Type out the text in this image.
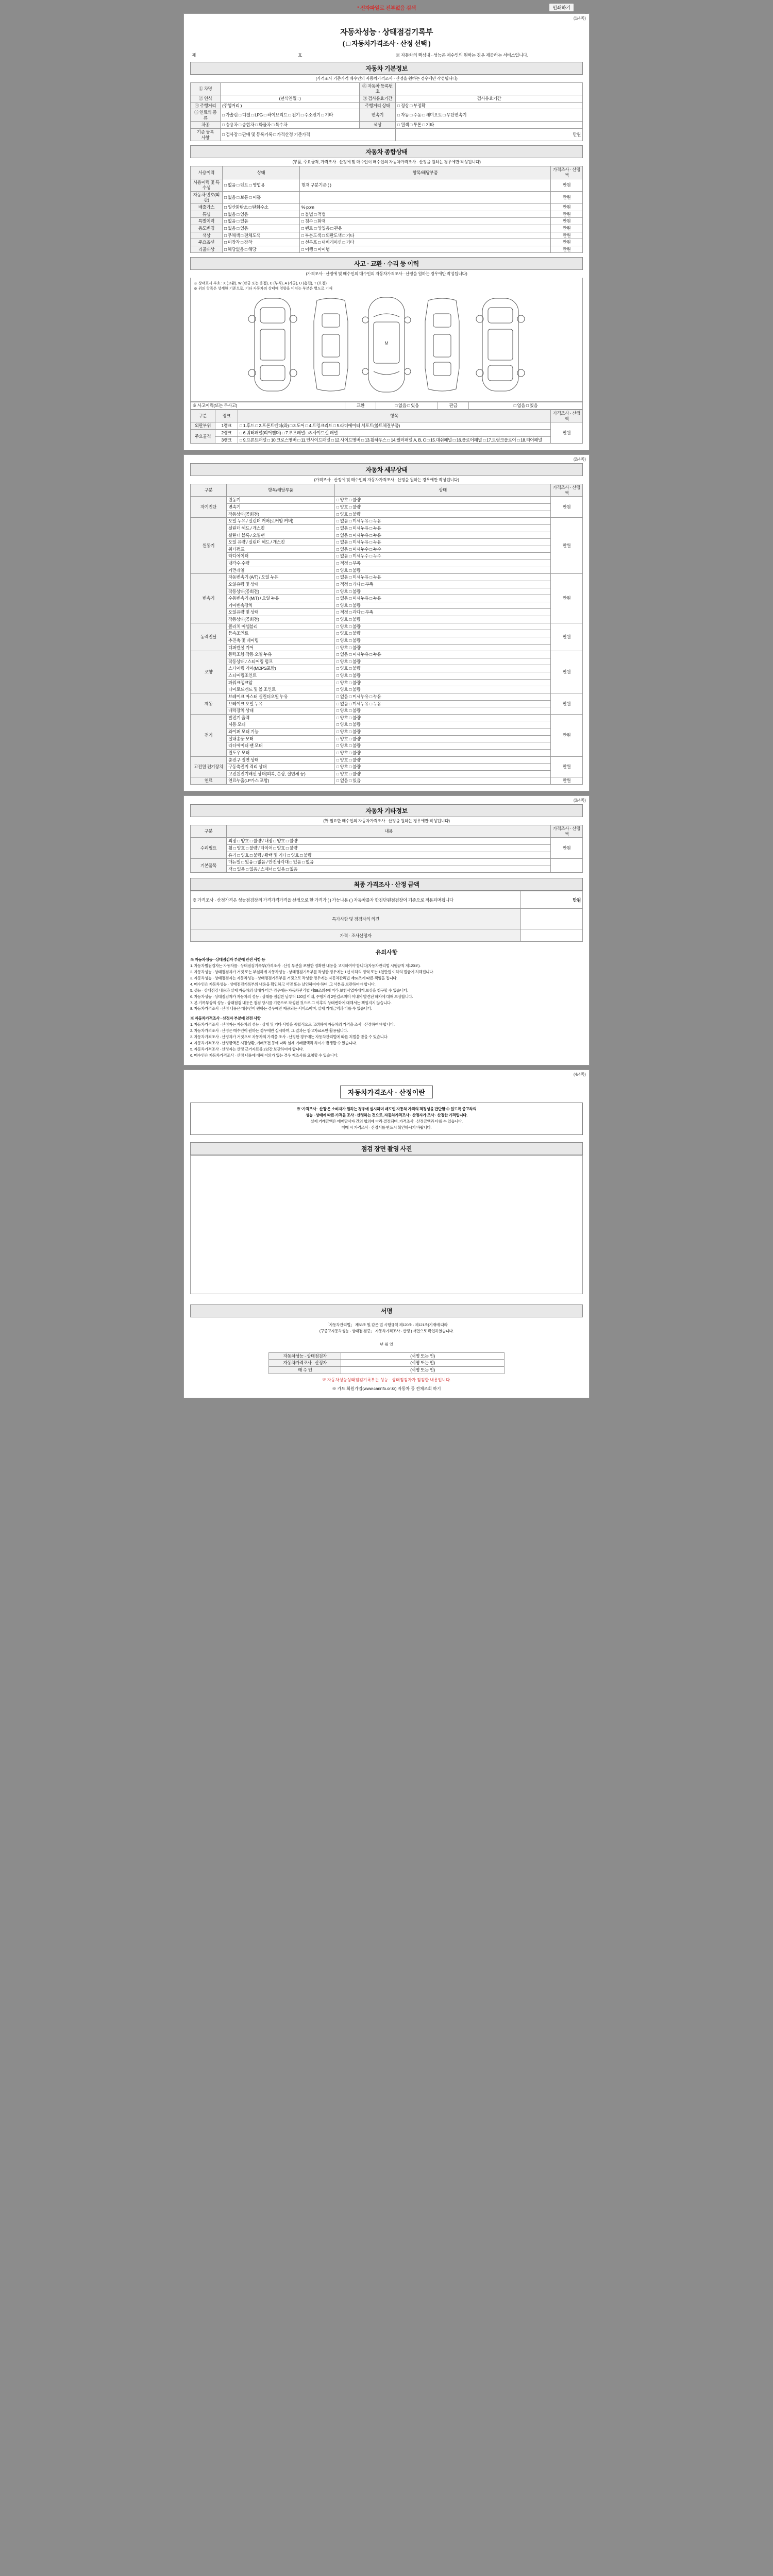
* 전자파일로 전부없음 검색	인쇄하기
(1/4쪽)
자동차성능 · 상태점검기록부
( □ 자동차가격조사 · 산정 선택 )
제	호	※ 자동차의 핵심내 · 성능은 매수인의 원하는 경우 제공하는 서비스입니다.
자동차 기본정보
(가격조사 기준가격 매수인의 자동차가격조사 · 산정을 원하는 경우에만 작성됩니다)
① 차명		⑥ 자동차 등록번호	
② 연식	(년식연월 : )	③ 검사유효기간	검사유효기간
④ 주행거리	(주행거리 )	주행거리 상태	□ 정상 □ 부정확
⑤ 연료의 종류	□ 가솔린 □ 디젤 □ LPG □ 하이브리드 □ 전기 □ 수소전기 □ 기타	변속기	□ 자동 □ 수동 □ 세미오토 □ 무단변속기
차종	□ 승용차 □ 승합차 □ 화물차 □ 특수차	색상	□ 원색 □ 투톤 □ 기타
기준 등록
사항	□ 검사장 □ 판매 및 등록기록 □ 가격산정 기준가격		만원
자동차 종합상태
(부품, 주요골격, 가격조사 · 산정에 및 매수인이 매수인의 자동차가격조사 · 산정을 원하는 경우에만 작성됩니다)
사용이력	상태	항목/해당부품	가격조사 · 산정액
사용이력 및 특수성	□ 없음 □ 렌트 □ 영업용	현재 구분기준 ( )	만원
자동차 번호(외관)	□ 없음 □ 보통 □ 미흡		만원
배출가스	□ 일산화탄소 □ 탄화수소	% ppm	만원
튜닝	□ 없음 □ 있음	□ 불법 □ 적법	만원
특별이력	□ 없음 □ 있음	□ 침수 □ 화재	만원
용도변경	□ 없음 □ 있음	□ 렌트 □ 영업용 □ 관용	만원
색상	□ 무채색 □ 전체도색	□ 부분도색 □ 외판도색 □ 기타	만원
주요옵션	□ 미장착 □ 장착	□ 선루프 □ 내비게이션 □ 기타	만원
리콜대상	□ 해당없음 □ 해당	□ 이행 □ 미이행	만원
사고 · 교환 · 수리 등 이력
(가격조사 · 산정에 및 매수인의 매수인의 자동차가격조사 · 산정을 원하는 경우에만 작성됩니다)
※ 상태표시 부호 : X (교환), W (판금 또는 용접), C (부식), A (가공), U (흠집), T (요철)
※ 위의 항목은 상세한 기준으로, 기타 자동차의 상태에 영향을 미치는 부분은 별도로 기재
M
※ 사고이력(또는 무사고)	교환	□ 없음 □ 있음	판금	□ 없음 □ 있음
구분	랭크	항목	가격조사 · 산정액
외판부위	1랭크	□ 1.후드 □ 2.프론트펜더(좌) □ 3.도어 □ 4.트렁크리드 □ 5.라디에이터 서포트(볼트체결부품)	만원
주요골격	2랭크	□ 6.쿼터패널(리어펜더) □ 7.루프패널 □ 8.사이드실 패널	
	3랭크	□ 9.프론트패널 □ 10.크로스멤버 □ 11.인사이드패널 □ 12.사이드멤버 □ 13.휠하우스 □ 14.필러패널 A, B, C □ 15.대쉬패널 □ 16.플로어패널 □ 17.트렁크플로어 □ 18.리어패널	
(2/4쪽)
자동차 세부상태
(가격조사 · 산정에 및 매수인의 자동차가격조사 · 산정을 원하는 경우에만 작성됩니다)
구분	항목/해당부품	상태	가격조사 · 산정액
자기진단	원동기	□ 양호 □ 불량	만원
	변속기	□ 양호 □ 불량	
	작동상태(공회전)	□ 양호 □ 불량	
원동기	오일 누유 / 실린더 커버(로커암 커버)	□ 없음 □ 미세누유 □ 누유	만원
	실린더 헤드 / 개스킷	□ 없음 □ 미세누유 □ 누유	
	실린더 블록 / 오일팬	□ 없음 □ 미세누유 □ 누유	
	오일 유량 / 실린더 헤드 / 개스킷	□ 없음 □ 미세누유 □ 누유	
	워터펌프	□ 없음 □ 미세누수 □ 누수	
	라디에이터	□ 없음 □ 미세누수 □ 누수	
	냉각수 수량	□ 적정 □ 부족	
	커먼레일	□ 양호 □ 불량	
변속기	자동변속기 (A/T) / 오일 누유	□ 없음 □ 미세누유 □ 누유	만원
	오일유량 및 상태	□ 적정 □ 과다 □ 부족	
	작동상태(공회전)	□ 양호 □ 불량	
	수동변속기 (M/T) / 오일 누유	□ 없음 □ 미세누유 □ 누유	
	기어변속장치	□ 양호 □ 불량	
	오일유량 및 상태	□ 적정 □ 과다 □ 부족	
	작동상태(공회전)	□ 양호 □ 불량	
동력전달	클러치 어셈블리	□ 양호 □ 불량	만원
	등속조인트	□ 양호 □ 불량	
	추진축 및 베어링	□ 양호 □ 불량	
	디퍼렌셜 기어	□ 양호 □ 불량	
조향	동력조향 작동 오일 누유	□ 없음 □ 미세누유 □ 누유	만원
	작동상태 / 스티어링 펌프	□ 양호 □ 불량	
	스티어링 기어(MDPS포함)	□ 양호 □ 불량	
	스티어링조인트	□ 양호 □ 불량	
	파워크랭크암	□ 양호 □ 불량	
	타이로드엔드 및 볼 조인트	□ 양호 □ 불량	
제동	브레이크 마스터 실린더오일 누유	□ 없음 □ 미세누유 □ 누유	만원
	브레이크 오일 누유	□ 없음 □ 미세누유 □ 누유	
	배력장치 상태	□ 양호 □ 불량	
전기	발전기 출력	□ 양호 □ 불량	만원
	시동 모터	□ 양호 □ 불량	
	와이퍼 모터 기능	□ 양호 □ 불량	
	실내송풍 모터	□ 양호 □ 불량	
	라디에이터 팬 모터	□ 양호 □ 불량	
	윈도우 모터	□ 양호 □ 불량	
고전원 전기장치	충전구 절연 상태	□ 양호 □ 불량	만원
	구동축전지 격리 상태	□ 양호 □ 불량	
	고전원전기배선 상태(피복, 손상, 절연체 등)	□ 양호 □ 불량	
연료	연료누출(LP가스 포함)	□ 없음 □ 있음	만원
(3/4쪽)
자동차 기타정보
(外 필요한 매수인의 자동차가격조사 · 산정을 원하는 경우에만 작성됩니다)
구분	내용	가격조사 · 산정액
수리필요	외장 □ 양호 □ 불량 / 내장 □ 양호 □ 불량	만원
	휠 □ 양호 □ 불량 / 타이어 □ 양호 □ 불량	
	유리 □ 양호 □ 불량 / 광택 및 기타 □ 양호 □ 불량	
기본품목	매뉴얼 □ 있음 □ 없음 / 안전삼각대 □ 있음 □ 없음	
	잭 □ 있음 □ 없음 / 스패너 □ 있음 □ 없음	
최종 가격조사 · 산정 금액
※ 가격조사 · 산정가격은 성능점검장의 가격가격가격을 산정으로 한 가격가 ( ) 가능나용 ( ) 자동차를자 한진단원점검장이 기준으로 적용되며됩니다	만원
특가사항 및 점검자의 의견	
가격 · 조사산정자	
유의사항
※ 자동차성능 · 상태점검자 부분에 안전 사항 등

1. 자동차별점검자는 자동차를 · 상태점검기록부(가격조사 · 산정 부분을 포함한 정확한 내용을 고지하여야 합니다(자동차관리법 시행규칙 제120조).

2. 자동차성능 · 상태점검자가 거짓 또는 부실하게 자동차성능 · 상태점검기록부를 작성한 경우에는 1년 이하의 징역 또는 1천만원 이하의 벌금에 처해집니다.

3. 자동차성능 · 상태점검자는 자동차성능 · 상태점검기록부를 거짓으로 작성한 경우에는 자동차관리법 제58조에 따른 책임을 집니다.

4. 매수인은 자동차성능 · 상태점검기록부의 내용을 확인하고 서명 또는 날인하여야 하며, 그 사본을 보관하여야 합니다.

5. 성능 · 상태점검 내용과 실제 자동차의 상태가 다른 경우에는 자동차관리법 제58조의4에 따라 보험사업자에게 보상을 청구할 수 있습니다.

6. 자동차성능 · 상태점검자가 자동차의 성능 · 상태를 점검한 날부터 120일 이내, 주행거리 2만킬로미터 이내에 발견된 하자에 대해 보상합니다.

7. 본 기록부상의 성능 · 상태점검 내용은 점검 당시를 기준으로 작성된 것으로 그 이후의 상태변화에 대해서는 책임지지 않습니다.

8. 자동차가격조사 · 산정 내용은 매수인이 원하는 경우에만 제공되는 서비스이며, 실제 거래금액과 다를 수 있습니다.

※ 자동차가격조사 · 산정자 부분에 안전 사항

1. 자동차가격조사 · 산정자는 자동차의 성능 · 상태 및 기타 사항을 종합적으로 고려하여 자동차의 가격을 조사 · 산정하여야 합니다.

2. 자동차가격조사 · 산정은 매수인이 원하는 경우에만 실시하며, 그 결과는 참고자료로만 활용됩니다.

3. 자동차가격조사 · 산정자가 거짓으로 자동차의 가격을 조사 · 산정한 경우에는 자동차관리법에 따른 처벌을 받을 수 있습니다.

4. 자동차가격조사 · 산정금액은 시장상황, 거래조건 등에 따라 실제 거래금액과 차이가 발생할 수 있습니다.

5. 자동차가격조사 · 산정자는 산정 근거자료를 2년간 보관하여야 합니다.

6. 매수인은 자동차가격조사 · 산정 내용에 대해 이의가 있는 경우 재조사를 요청할 수 있습니다.

(4/4쪽)
자동차가격조사 · 산정이란

※ '가격조사 · 산정'은 소비자가 원하는 경우에 실시하며 매도인 자동차 가격의 적정성을 판단할 수 있도록 중고차의

성능 · 상태에 따른 가격을 조사 · 산정하는 것으로, 자동차가격조사 · 산정자가 조사 · 산정한 가격입니다.

실제 거래금액은 매매당사자 간의 협의에 따라 결정되며, 가격조사 · 산정금액과 다를 수 있습니다.

매매 시 가격조사 · 산정서를 반드시 확인하시기 바랍니다.

점검 장면 촬영 사진
서명

「자동차관리법」 제58조 및 같은 법 시행규칙 제120조 · 제121조(기재에 따라

(구중고자동차성능 · 상태점 검증」 자동차가격조사 · 산정 ) 서면으로 확인하였습니다.

년 월 일
자동차성능 · 상태점검자	(서명 또는 인)
자동차가격조사 · 산정자	(서명 또는 인)
매 수 인	(서명 또는 인)
※ 자동차성능상태점검기록부는 성능 · 상태점검자가 점검한 내용입니다.
※ 카드 회원가입(www.carinfo.or.kr) 자동차 등 전체조회 하기
